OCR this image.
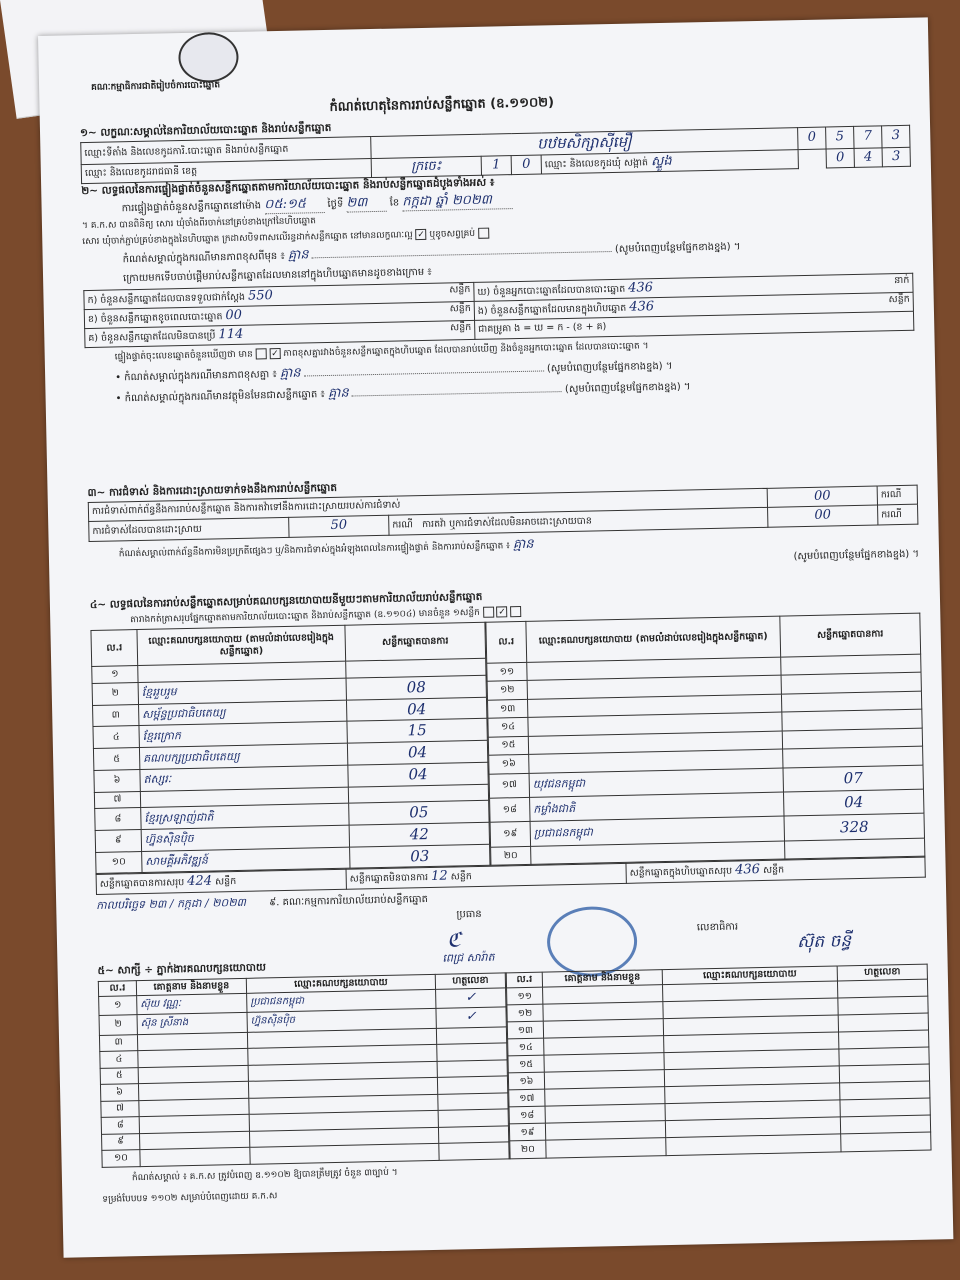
គណៈកម្មាធិការជាតិរៀបចំការបោះឆ្នោត
កំណត់ហេតុនៃការរាប់សន្លឹកឆ្នោត (ឧ.១១០២)
១~ លក្ខណៈសម្គាល់នៃការិយាល័យបោះឆ្នោត និងរាប់សន្លឹកឆ្នោត
ឈ្មោះទីតាំង និងលេខកូដការិ.បោះឆ្នោត និងរាប់សន្លឹកឆ្នោត	បឋមសិក្សាស៊ីមឿ				0	5	7	3
ឈ្មោះ និងលេខកូដរាជធានី ខេត្ត	ក្រចេះ	1	0	ឈ្មោះ និងលេខកូដឃុំ សង្កាត់ ស្ទួង		0	4	3
២~ លទ្ធផលនៃការផ្ទៀងផ្ទាត់ចំនួនសន្លឹកឆ្នោតតាមការិយាល័យបោះឆ្នោត និងរាប់សន្លឹកឆ្នោតដំបូងទាំងអស់ ៖
ការផ្ទៀងផ្ទាត់ចំនួនសន្លឹកឆ្នោតនៅម៉ោង ០៥:១៥ ថ្ងៃទី ២៣ ខែ កក្កដា ឆ្នាំ ២០២៣
។ គ.ក.ស បានពិនិត្យ សោរ ឃុំចាំងពីរចាក់នៅគ្រប់ខាងក្រៅនៃហិបឆ្នោត
សោរ ឃុំចាក់ភ្ជាប់គ្រប់ខាងក្នុងនៃហិបឆ្នោត ក្រដាសបិទពាសលើរន្ធដាក់សន្លឹកឆ្នោត នៅមានលក្ខណៈល្អ ✓ ឬខូចសព្វគ្រប់
កំណត់សម្គាល់ក្នុងករណីមានភាពខុសពីមុន ៖ គ្មាន	(សូមបំពេញបន្ថែមផ្នែកខាងខ្នង) ។
ក្រោយមកទើបចាប់ផ្តើមរាប់សន្លឹកឆ្នោតដែលមាននៅក្នុងហិបឆ្នោតមានដូចខាងក្រោម ៖
ក) ចំនួនសន្លឹកឆ្នោតដែលបានទទួលជាក់ស្តែង 550 សន្លឹក	ឃ) ចំនួនអ្នកបោះឆ្នោតដែលបានបោះឆ្នោត 436 នាក់

ខ) ចំនួនសន្លឹកឆ្នោតខូចពេលបោះឆ្នោត 00 សន្លឹក	ង) ចំនួនសន្លឹកឆ្នោតដែលមានក្នុងហិបឆ្នោត 436 សន្លឹក

គ) ចំនួនសន្លឹកឆ្នោតដែលមិនបានប្រើ 114 សន្លឹក	ជាគម្រូគា ង = ឃ = ក - (ខ + គ)
ផ្ទៀងផ្ទាត់ចុះលេខឆ្នោតចំនួនឃើញថា មាន ✓ ភាពខុសគ្នារវាងចំនួនសន្លឹកឆ្នោតក្នុងហិបឆ្នោត ដែលបានរាប់ឃើញ និងចំនួនអ្នកបោះឆ្នោត ដែលបានបោះឆ្នោត ។
• កំណត់សម្គាល់ក្នុងករណីមានភាពខុសគ្នា ៖ គ្មាន	(សូមបំពេញបន្ថែមផ្នែកខាងខ្នង) ។
• កំណត់សម្គាល់ក្នុងករណីមានវត្ថុមិនមែនជាសន្លឹកឆ្នោត ៖ គ្មាន	(សូមបំពេញបន្ថែមផ្នែកខាងខ្នង) ។
៣~ ការជំទាស់ និងការដោះស្រាយទាក់ទងនឹងការរាប់សន្លឹកឆ្នោត
ការជំទាស់ពាក់ព័ន្ធនឹងការរាប់សន្លឹកឆ្នោត និងការតវ៉ាទៅនឹងការដោះស្រាយរបស់ការជំទាស់			00	ករណី
ការជំទាស់ដែលបានដោះស្រាយ	50	ករណី ការតវ៉ា ឬការជំទាស់ដែលមិនអាចដោះស្រាយបាន	00	ករណី
កំណត់សម្គាល់ពាក់ព័ន្ធនឹងការមិនប្រក្រតីផ្សេងៗ ឬ/និងការជំទាស់ក្នុងអំឡុងពេលនៃការផ្ទៀងផ្ទាត់ និងការរាប់សន្លឹកឆ្នោត ៖ គ្មាន
(សូមបំពេញបន្ថែមផ្នែកខាងខ្នង) ។
៤~ លទ្ធផលនៃការរាប់សន្លឹកឆ្នោតសម្រាប់គណបក្សនយោបាយនីមួយៗតាមការិយាល័យរាប់សន្លឹកឆ្នោត
តារាងកត់ត្រាសរុបផ្នែកឆ្នោតតាមការិយាល័យបោះឆ្នោត និងរាប់សន្លឹកឆ្នោត (ឧ.១១០៤) មានចំនួន ១សន្លឹក ✓
ល.រ	ឈ្មោះគណបក្សនយោបាយ (តាមលំដាប់លេខរៀងក្នុងសន្លឹកឆ្នោត)	សន្លឹកឆ្នោតបានការ
១		
២	ខ្មែររួបរួម	08
៣	សម្ព័ន្ធប្រជាធិបតេយ្យ	04
៤	ខ្មែរក្រោក	15
៥	គណបក្សប្រជាធិបតេយ្យ	04
៦	ឥស្សរៈ	04
៧		
៨	ខ្មែរស្រឡាញ់ជាតិ	05
៩	ហ្វ៊ុនស៊ិនប៉ិច	42
១០	សាមគ្គីអភិវឌ្ឍន៍	03
ល.រ	ឈ្មោះគណបក្សនយោបាយ (តាមលំដាប់លេខរៀងក្នុងសន្លឹកឆ្នោត)	សន្លឹកឆ្នោតបានការ
១១		
១២		
១៣		
១៤		
១៥		
១៦		
១៧	យុវជនកម្ពុជា	07
១៨	កម្លាំងជាតិ	04
១៩	ប្រជាជនកម្ពុជា	328
២០		
សន្លឹកឆ្នោតបានការសរុប 424 សន្លឹក	សន្លឹកឆ្នោតមិនបានការ 12 សន្លឹក	សន្លឹកឆ្នោតក្នុងហិបឆ្នោតសរុប 436 សន្លឹក
កាលបរិច្ឆេទ ២៣ / កក្កដា / ២០២៣ ៩. គណៈកម្មការការិយាល័យរាប់សន្លឹកឆ្នោត
ប្រធាន
ℭ
ពេជ្រ សារ៉ាត
លេខាធិការ
ស៊ុត ចន្ធី
៥~ សាក្សី ÷ ភ្នាក់ងារគណបក្សនយោបាយ
ល.រ	គោត្តនាម និងនាមខ្លួន	ឈ្មោះគណបក្សនយោបាយ	ហត្ថលេខា
១	ស៊ុយ វណ្ណៈ	ប្រជាជនកម្ពុជា	✓
២	ស៊ុន ស្រីនាង	ហ្វ៊ុនស៊ិនប៉ិច	✓
៣			
៤			
៥			
៦			
៧			
៨			
៩			
១០			
ល.រ	គោត្តនាម និងនាមខ្លួន	ឈ្មោះគណបក្សនយោបាយ	ហត្ថលេខា
១១			
១២			
១៣			
១៤			
១៥			
១៦			
១៧			
១៨			
១៩			
២០			
កំណត់សម្គាល់ ៖ គ.ក.ស ត្រូវបំពេញ ឧ.១១០២ ឱ្យបានត្រឹមត្រូវ ចំនួន ៣ច្បាប់ ។
ទម្រង់បែបបទ ១១០២ សម្រាប់បំពេញដោយ គ.ក.ស
